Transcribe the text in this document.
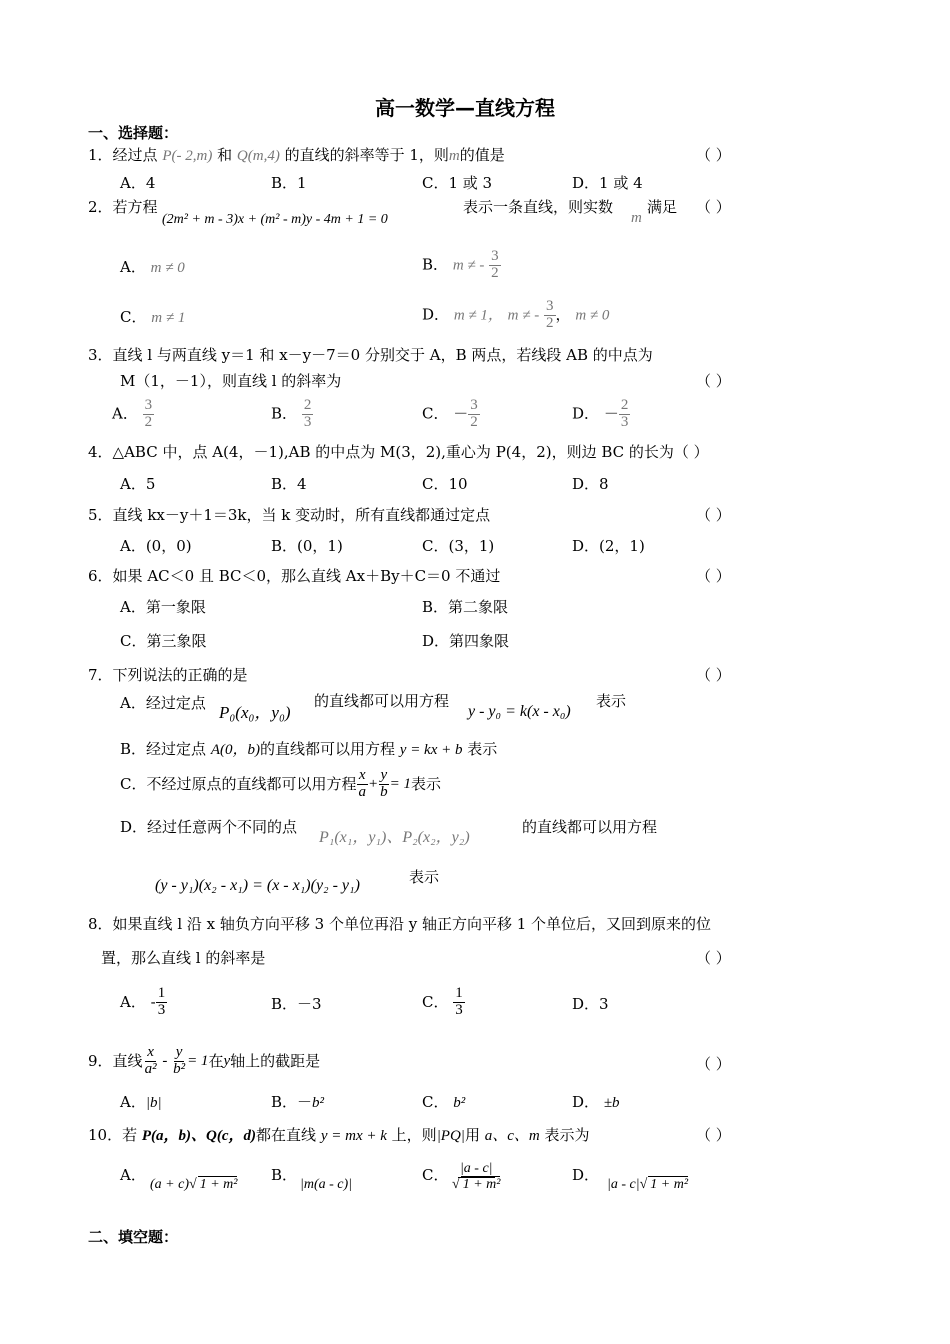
高一数学—直线方程
一、选择题：
1．经过点 P(- 2,m) 和 Q(m,4) 的直线的斜率等于 1，则m的值是	（ ）
A．4	B．1	C．1 或 3	D．1 或 4
2．若方程
(2m² + m - 3)x + (m² - m)y - 4m + 1 = 0
表示一条直线，则实数
m
满足 （ ）
A． m ≠ 0	B． m ≠ - $\frac{3}{2}$
C． m ≠ 1	D． m ≠ 1， m ≠ - $\frac{3}{2}$ ， m ≠ 0
3．直线 l 与两直线 y＝1 和 x－y－7＝0 分别交于 A，B 两点，若线段 AB 的中点为
M（1，－1），则直线 l 的斜率为	（ ）
A． $\frac{3}{2}$	B． $\frac{2}{3}$	C． － $\frac{3}{2}$	D． － $\frac{2}{3}$
4．△ABC 中，点 A(4，－1),AB 的中点为 M(3，2),重心为 P(4，2)，则边 BC 的长为（ ）
A．5	B．4	C．10	D．8
5．直线 kx－y＋1＝3k，当 k 变动时，所有直线都通过定点	（ ）
A．(0，0)	B．(0，1)	C．(3，1)	D．(2，1)
6．如果 AC＜0 且 BC＜0，那么直线 Ax＋By＋C＝0 不通过	（ ）
A．第一象限	B．第二象限
C．第三象限	D．第四象限
7．下列说法的正确的是	（ ）
A．经过定点 P₀(x₀，y₀)
的直线都可以用方程
y - y₀ = k(x - x₀)
表示
B．经过定点 A(0，b)的直线都可以用方程 y = kx + b 表示
C．不经过原点的直线都可以用方程 $\frac{x}{a} + \frac{y}{b} = 1$表示
D．经过任意两个不同的点
P₁(x₁，y₁)、P₂(x₂，y₂)
的直线都可以用方程
(y - y₁)(x₂ - x₁) = (x - x₁)(y₂ - y₁)	表示
8．如果直线 l 沿 x 轴负方向平移 3 个单位再沿 y 轴正方向平移 1 个单位后，又回到原来的位
置，那么直线 l 的斜率是	（ ）
A． - $\frac{1}{3}$	B．－3	C． $\frac{1}{3}$	D．3
9．直线 $\frac{x}{\text{a²}} - \frac{y}{\text{b²}} = 1$在y轴上的截距是	（ ）
A．|b|	B．－b²	C． b²	D． ±b
10．若 P(a，b)、Q(c，d)都在直线 y = mx + k 上，则|PQ|用 a、c、m 表示为	（ ）
A．
(a + c)√ 1 + m²
B．
|m(a - c)|
C． $\frac{|a - c|}{\text{√ 1 + m²}}$	D．
|a - c|√ 1 + m²
二、填空题：
